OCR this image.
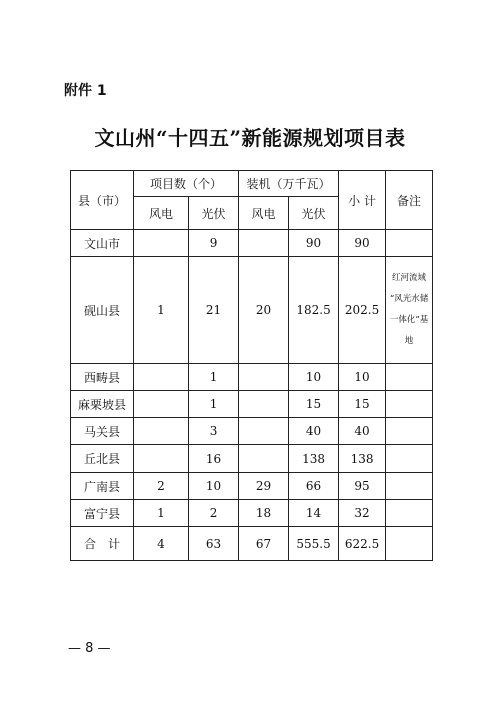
附件 1
文山州“十四五”新能源规划项目表
县（市）	项目数（个）		装机（万千瓦）		小 计	备注
	风电	光伏	风电	光伏		
文山市		9		90	90	
砚山县	1	21	20	182.5	202.5	红河流域
“风光水储
一体化”基
地

西畴县		1		10	10	
麻栗坡县		1		15	15	
马关县		3		40	40	
丘北县		16		138	138	
广南县	2	10	29	66	95	
富宁县	1	2	18	14	32	
合　计	4	63	67	555.5	622.5	
— 8 —
